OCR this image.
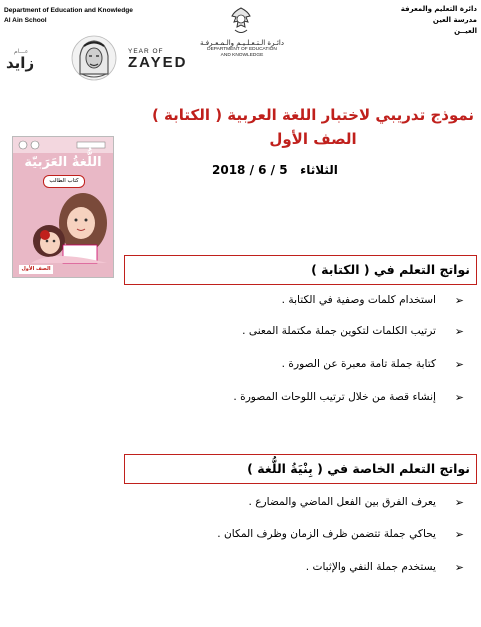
Department of Education and Knowledge
Al Ain School
دائرة التعليم والمعرفة
مدرسة العين
العيــن
عـــام
زايد
YEAR OF
ZAYED
دائـرة الـتـعـلـيـم والـمـعـرفـة
DEPARTMENT OF EDUCATION
AND KNOWLEDGE
نموذج تدريبي لاختبار اللغة العربية ( الكتابة )
الصف الأول
الثلاثاء   2018 / 6 / 5
اللُّغةُ العَرَبيّة
كتاب الطالب
الصف الأول	نواتج التعلم في ( الكتابة )
➢
استخدام كلمات وصفية في الكتابة .
➢
ترتيب الكلمات لتكوين جملة مكتملة المعنى .
➢
كتابة جملة تامة معبرة عن الصورة .
➢
إنشاء قصة من خلال ترتيب اللوحات المصورة .
نواتج التعلم الخاصة في ( بِنْيَةُ اللُّغة )
➢
يعرف الفرق بين الفعل الماضي والمضارع .
➢
يحاكي جملة تتضمن ظرف الزمان وظرف المكان .
➢
يستخدم جملة النفي والإثبات .
